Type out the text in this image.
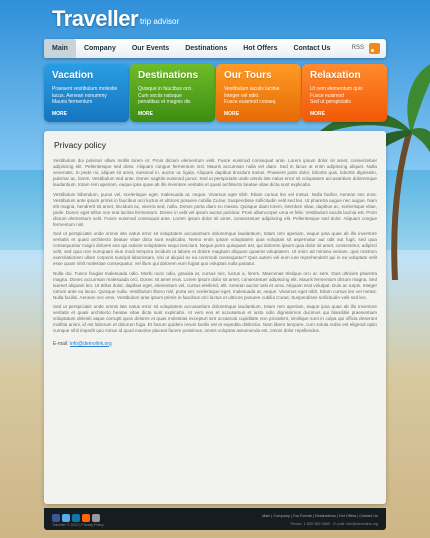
Traveller trip advisor
Main	Company	Our Events	Destinations	Hot Offers	Contact Us	RSS
Vacation
Praesent vestibulum molestie
lacus. Aenean nonummy
Mauris fermentum
MORE
Destinations
Quisque in faucibus orci.
Cum sociis natoque
penatibus et magnis dis
MORE
Our Tours
Vestibulum iaculis lacinia
Integer vel odio.
Fusce euismod conseq
MORE
Relaxation
Ut sem elementum quis
Fusce euismod
Sed ut perspiciatis
MORE
Privacy policy

Vestibulum dui pulvinar ullam mollis lorem et. Proin dictum elementum velit. Fusce euismod consequat ante. Lorem ipsum dolor sit amet, consectetuer adipiscing elit. Pellentesque sed dolor. Aliquam congue fermentum nisl. Mauris accumsan nulla vel diam. Sed in lacus ut enim adipiscing aliquet. Nulla venenatis. In pede mi, aliquet sit amet, euismod in, auctor ut, ligula. Aliquam dapibus tincidunt metus. Praesent justo dolor, lobortis quis, lobortis dignissim, pulvinar ac, lorem. Vestibulum sed ante. Donec sagittis euismod purus. Sed ut perspiciatis unde omnis iste natus error sit voluptatem accusantium doloremque laudantium, totam rem aperiam, eaque ipsa quae ab illo inventore veritatis et quasi architecto beatae vitae dicta sunt explicabo.

Vestibulum bibendum, purus vel, scelerisque eget, malesuada at, neque. Vivamus eget nibh. Etiam cursus leo vel metus. Nulla facilisi. Aenean nec eros. Vestibulum ante ipsum primis in faucibus orci luctus et ultrices posuere cubilia Curae; Suspendisse sollicitudin velit sed leo. Ut pharetra augue nec augue. Nam elit magna, hendrerit sit amet, tincidunt ac, viverra sed, nulla. Donec porta diam eu massa. Quisque diam lorem, interdum vitae, dapibus ac, scelerisque vitae, pede. Donec eget tellus non erat lacinia fermentum. Donec in velit vel ipsum auctor pulvinar. Proin ullamcorper urna et felis. Vestibulum iaculis lacinia est. Proin dictum elementum velit. Fusce euismod consequat ante. Lorem ipsum dolor sit amet, consectetuer adipiscing elit. Pellentesque sed dolor. Aliquam congue fermentum nisl.

Sed ut perspiciatis unde omnis iste natus error sit voluptatem accusantium doloremque laudantium, totam rem aperiam, eaque ipsa quae ab illo inventore veritatis et quasi architecto beatae vitae dicta sunt explicabo. Nemo enim ipsam voluptatem quia voluptas sit aspernatur aut odit aut fugit, sed quia consequuntur magni dolores eos qui ratione voluptatem sequi nesciunt. Neque porro quisquam est, qui dolorem ipsum quia dolor sit amet, consectetur, adipisci velit, sed quia non numquam eius modi tempora incidunt ut labore et dolore magnam aliquam quaerat voluptatem. Ut enim ad minima veniam, quis nostrum exercitationem ullam corporis suscipit laboriosam, nisi ut aliquid ex ea commodi consequatur? Quis autem vel eum iure reprehenderit qui in ea voluptate velit esse quam nihil molestiae consequatur, vel illum qui dolorem eum fugiat quo voluptas nulla pariatur.

Nulla dui. Fusce feugiat malesuada odio. Morbi nunc odio, gravida at, cursus nec, luctus a, lorem. Maecenas tristique orci ac sem. Duis ultricies pharetra magna. Donec accumsan malesuada orci. Donec sit amet eros. Lorem ipsum dolor sit amet, consectetuer adipiscing elit. Mauris fermentum dictum magna. Sed laoreet aliquam leo. Ut tellus dolor, dapibus eget, elementum vel, cursus eleifend, elit. Aenean auctor wisi et urna. Aliquam erat volutpat. Duis ac turpis. Integer rutrum ante eu lacus. Quisque nulla. Vestibulum libero nisl, porta vel, scelerisque eget, malesuada at, neque. Vivamus eget nibh. Etiam cursus leo vel metus. Nulla facilisi. Aenean nec eros. Vestibulum ante ipsum primis in faucibus orci luctus et ultrices posuere cubilia Curae; Suspendisse sollicitudin velit sed leo.

Sed ut perspiciatis unde omnis iste natus error sit voluptatem accusantium doloremque laudantium, totam rem aperiam, eaque ipsa quae ab illo inventore veritatis et quasi architecto beatae vitae dicta sunt explicabo. At vero eos et accusamus et iusto odio dignissimos ducimus qui blanditiis praesentium voluptatum deleniti atque corrupti quos dolores et quas molestias excepturi sint occaecati cupiditate non provident, similique sunt in culpa qui officia deserunt mollitia animi, id est laborum et dolorum fuga. Et harum quidem rerum facilis est et expedita distinctio. Nam libero tempore, cum soluta nobis est eligendi optio cumque nihil impedit quo minus id quod maxime placeat facere possimus, omnis voluptas assumenda est, omnis dolor repellendus.

E-mail: info@demolink.org
Traveller © 2012 | Privacy Policy
Main | Company | Our Events | Destinations | Hot Offers | Contact Us
Phone: 1 800 559 6580 · E-mail: info@demolink.org
